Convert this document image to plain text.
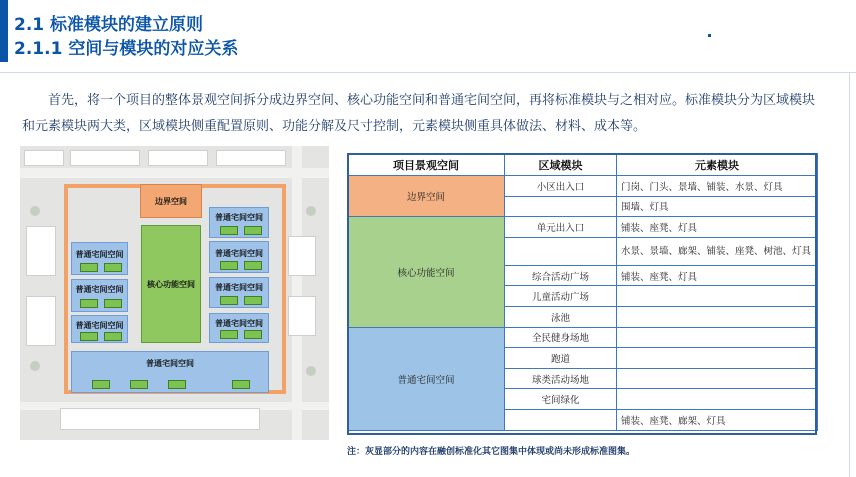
2.1 标准模块的建立原则
2.1.1 空间与模块的对应关系

首先，将一个项目的整体景观空间拆分成边界空间、核心功能空间和普通宅间空间，再将标准模块与之相对应。标准模块分为区域模块和元素模块两大类，区域模块侧重配置原则、功能分解及尺寸控制，元素模块侧重具体做法、材料、成本等。

边界空间
核心功能空间
普通宅间空间
普通宅间空间
普通宅间空间
普通宅间空间
普通宅间空间
普通宅间空间
普通宅间空间
普通宅间空间
项目景观空间	区域模块	元素模块
边界空间	小区出入口	门岗、门头、景墙、铺装、水景、灯具
		围墙、灯具
核心功能空间	单元出入口	铺装、座凳、灯具
		水景、景墙、廊架、铺装、座凳、树池、灯具
	综合活动广场	铺装、座凳、灯具
	儿童活动广场	
	泳池	
普通宅间空间	全民健身场地	
	跑道	
	球类活动场地	
	宅间绿化	
		铺装、座凳、廊架、灯具
注：灰显部分的内容在融创标准化其它图集中体现或尚未形成标准图集。
